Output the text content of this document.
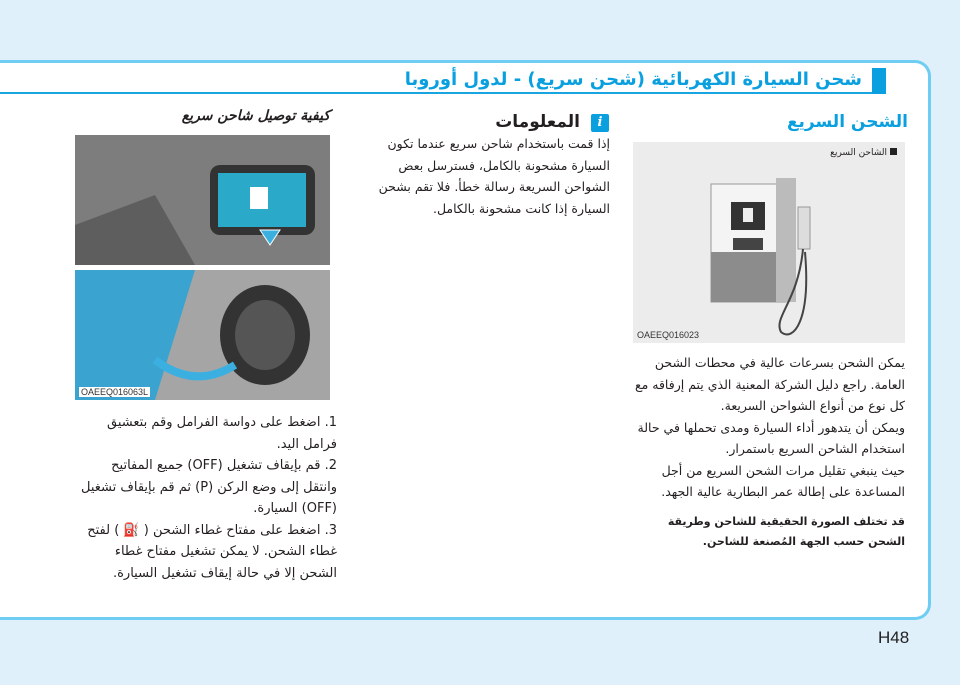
شحن السيارة الكهربائية (شحن سريع) - لدول أوروبا
الشحن السريع
الشاحن السريع
OAEEQ016023

يمكن الشحن بسرعات عالية في محطات الشحن العامة. راجع دليل الشركة المعنية الذي يتم إرفاقه مع كل نوع من أنواع الشواحن السريعة.

ويمكن أن يتدهور أداء السيارة ومدى تحملها في حالة استخدام الشاحن السريع باستمرار.

حيث ينبغي تقليل مرات الشحن السريع من أجل المساعدة على إطالة عمر البطارية عالية الجهد.

قد تختلف الصورة الحقيقية للشاحن وطريقة الشحن حسب الجهة المُصنعة للشاحن.
i
المعلومات
إذا قمت باستخدام شاحن سريع عندما تكون السيارة مشحونة بالكامل، فسترسل بعض الشواحن السريعة رسالة خطأ. فلا تقم بشحن السيارة إذا كانت مشحونة بالكامل.
كيفية توصيل شاحن سريع
OAEEQ016063L

1. اضغط على دواسة الفرامل وقم بتعشيق فرامل اليد.

2. قم بإيقاف تشغيل (OFF) جميع المفاتيح وانتقل إلى وضع الركن (P) ثم قم بإيقاف تشغيل (OFF) السيارة.

3. اضغط على مفتاح غطاء الشحن ( ⛽ ) لفتح غطاء الشحن. لا يمكن تشغيل مفتاح غطاء الشحن إلا في حالة إيقاف تشغيل السيارة.

H48
